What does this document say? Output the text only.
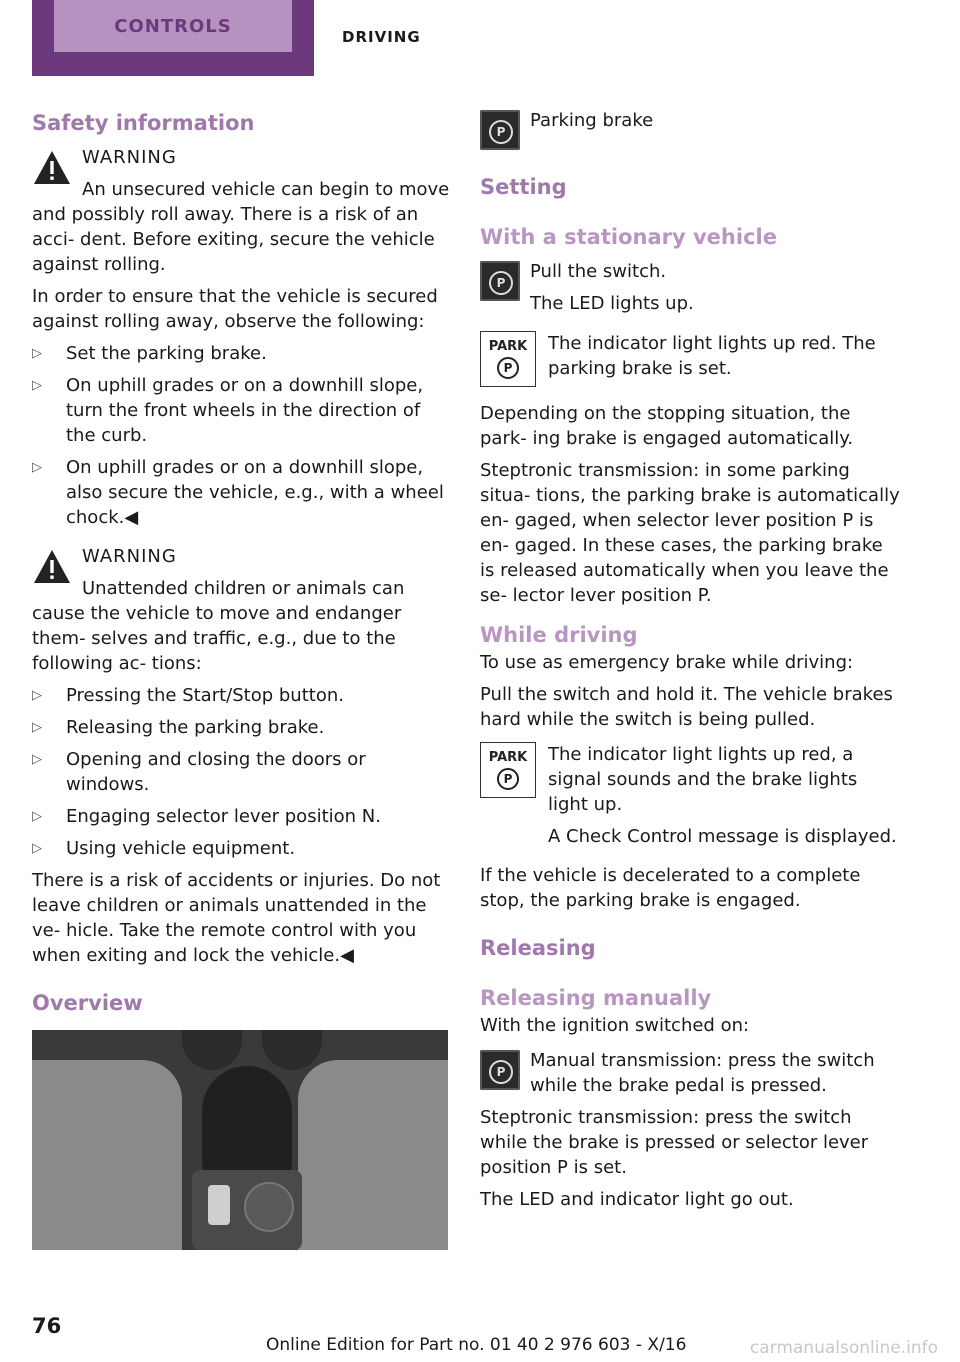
CONTROLS
DRIVING
Safety information

WARNING

An unsecured vehicle can begin to move and possibly roll away. There is a risk of an acci- dent. Before exiting, secure the vehicle against rolling.

In order to ensure that the vehicle is secured against rolling away, observe the following:

▷ Set the parking brake.
▷ On uphill grades or on a downhill slope, turn the front wheels in the direction of the curb.
▷ On uphill grades or on a downhill slope, also secure the vehicle, e.g., with a wheel chock.◀

WARNING

Unattended children or animals can cause the vehicle to move and endanger them- selves and traffic, e.g., due to the following ac- tions:

▷ Pressing the Start/Stop button.
▷ Releasing the parking brake.
▷ Opening and closing the doors or windows.
▷ Engaging selector lever position N.
▷ Using vehicle equipment.

There is a risk of accidents or injuries. Do not leave children or animals unattended in the ve- hicle. Take the remote control with you when exiting and lock the vehicle.◀

Overview
P

Parking brake

Setting
With a stationary vehicle
P

Pull the switch.

The LED lights up.

PARK
P

The indicator light lights up red. The parking brake is set.

Depending on the stopping situation, the park- ing brake is engaged automatically.

Steptronic transmission: in some parking situa- tions, the parking brake is automatically en- gaged, when selector lever position P is en- gaged. In these cases, the parking brake is released automatically when you leave the se- lector lever position P.

While driving

To use as emergency brake while driving:

Pull the switch and hold it. The vehicle brakes hard while the switch is being pulled.

PARK
P

The indicator light lights up red, a signal sounds and the brake lights light up.

A Check Control message is displayed.

If the vehicle is decelerated to a complete stop, the parking brake is engaged.

Releasing
Releasing manually

With the ignition switched on:

P

Manual transmission: press the switch while the brake pedal is pressed.

Steptronic transmission: press the switch while the brake is pressed or selector lever position P is set.

The LED and indicator light go out.

76
Online Edition for Part no. 01 40 2 976 603 - X/16	carmanualsonline.info
